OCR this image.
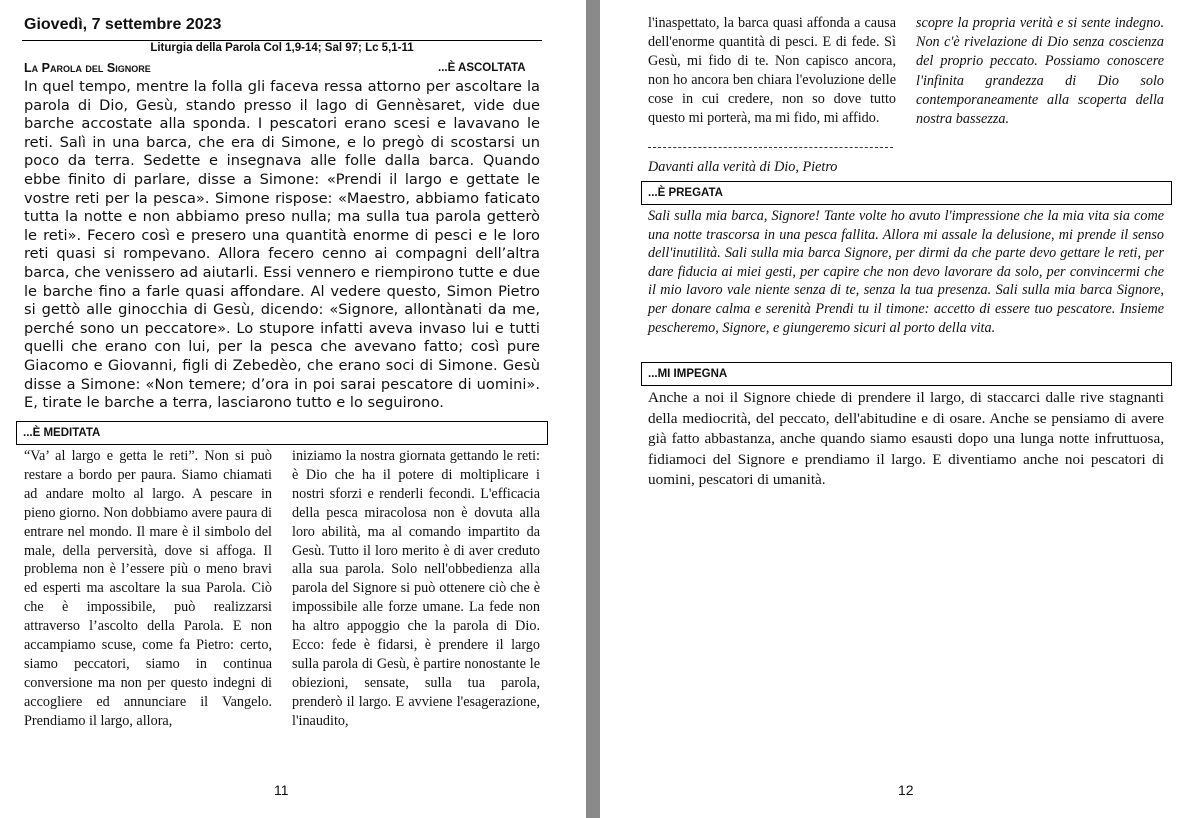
Giovedì, 7 settembre 2023
Liturgia della Parola Col 1,9-14; Sal 97; Lc 5,1-11
La Parola del Signore	...È ASCOLTATA

In quel tempo, mentre la folla gli faceva ressa attorno per ascoltare la parola di Dio, Gesù, stando presso il lago di Gennèsaret, vide due barche accostate alla sponda. I pescatori erano scesi e lavavano le reti. Salì in una barca, che era di Simone, e lo pregò di scostarsi un poco da terra. Sedette e insegnava alle folle dalla barca. Quando ebbe finito di parlare, disse a Simone: «Prendi il largo e gettate le vostre reti per la pesca». Simone rispose: «Maestro, abbiamo faticato tutta la notte e non abbiamo preso nulla; ma sulla tua parola getterò le reti». Fecero così e presero una quantità enorme di pesci e le loro reti quasi si rompevano. Allora fecero cenno ai compagni dell’altra barca, che venissero ad aiutarli. Essi vennero e riempirono tutte e due le barche fino a farle quasi affondare. Al vedere questo, Simon Pietro si gettò alle ginocchia di Gesù, dicendo: «Signore, allontànati da me, perché sono un peccatore». Lo stupore infatti aveva invaso lui e tutti quelli che erano con lui, per la pesca che avevano fatto; così pure Giacomo e Giovanni, figli di Zebedèo, che erano soci di Simone. Gesù disse a Simone: «Non temere; d’ora in poi sarai pescatore di uomini». E, tirate le barche a terra, lasciarono tutto e lo seguirono.

...È MEDITATA

“Va’ al largo e getta le reti”. Non si può restare a bordo per paura. Siamo chiamati ad andare molto al largo. A pescare in pieno giorno. Non dobbiamo avere paura di entrare nel mondo. Il mare è il simbolo del male, della perversità, dove si affoga. Il problema non è l’essere più o meno bravi ed esperti ma ascoltare la sua Parola. Ciò che è impossibile, può realizzarsi attraverso l’ascolto della Parola. E non accampiamo scuse, come fa Pietro: certo, siamo peccatori, siamo in continua conversione ma non per questo indegni di accogliere ed annunciare il Vangelo. Prendiamo il largo, allora,

iniziamo la nostra giornata gettando le reti: è Dio che ha il potere di moltiplicare i nostri sforzi e renderli fecondi. L'efficacia della pesca miracolosa non è dovuta alla loro abilità, ma al comando impartito da Gesù. Tutto il loro merito è di aver creduto alla sua parola. Solo nell'obbedienza alla parola del Signore si può ottenere ciò che è impossibile alle forze umane. La fede non ha altro appoggio che la parola di Dio. Ecco: fede è fidarsi, è prendere il largo sulla parola di Gesù, è partire nonostante le obiezioni, sensate, sulla tua parola, prenderò il largo. E avviene l'esagerazione, l'inaudito,

11

l'inaspettato, la barca quasi affonda a causa dell'enorme quantità di pesci. E di fede. Sì Gesù, mi fido di te. Non capisco ancora, non ho ancora ben chiara l'evoluzione delle cose in cui credere, non so dove tutto questo mi porterà, ma mi fido, mi affido.

Davanti alla verità di Dio, Pietro

scopre la propria verità e si sente indegno. Non c'è rivelazione di Dio senza coscienza del proprio peccato. Possiamo conoscere l'infinita grandezza di Dio solo contemporaneamente alla scoperta della nostra bassezza.

...È PREGATA

Sali sulla mia barca, Signore! Tante volte ho avuto l'impressione che la mia vita sia come una notte trascorsa in una pesca fallita. Allora mi assale la delusione, mi prende il senso dell'inutilità. Sali sulla mia barca Signore, per dirmi da che parte devo gettare le reti, per dare fiducia ai miei gesti, per capire che non devo lavorare da solo, per convincermi che il mio lavoro vale niente senza di te, senza la tua presenza. Sali sulla mia barca Signore, per donare calma e serenità Prendi tu il timone: accetto di essere tuo pescatore. Insieme pescheremo, Signore, e giungeremo sicuri al porto della vita.

...MI IMPEGNA

Anche a noi il Signore chiede di prendere il largo, di staccarci dalle rive stagnanti della mediocrità, del peccato, dell'abitudine e di osare. Anche se pensiamo di avere già fatto abbastanza, anche quando siamo esausti dopo una lunga notte infruttuosa, fidiamoci del Signore e prendiamo il largo. E diventiamo anche noi pescatori di uomini, pescatori di umanità.

12
